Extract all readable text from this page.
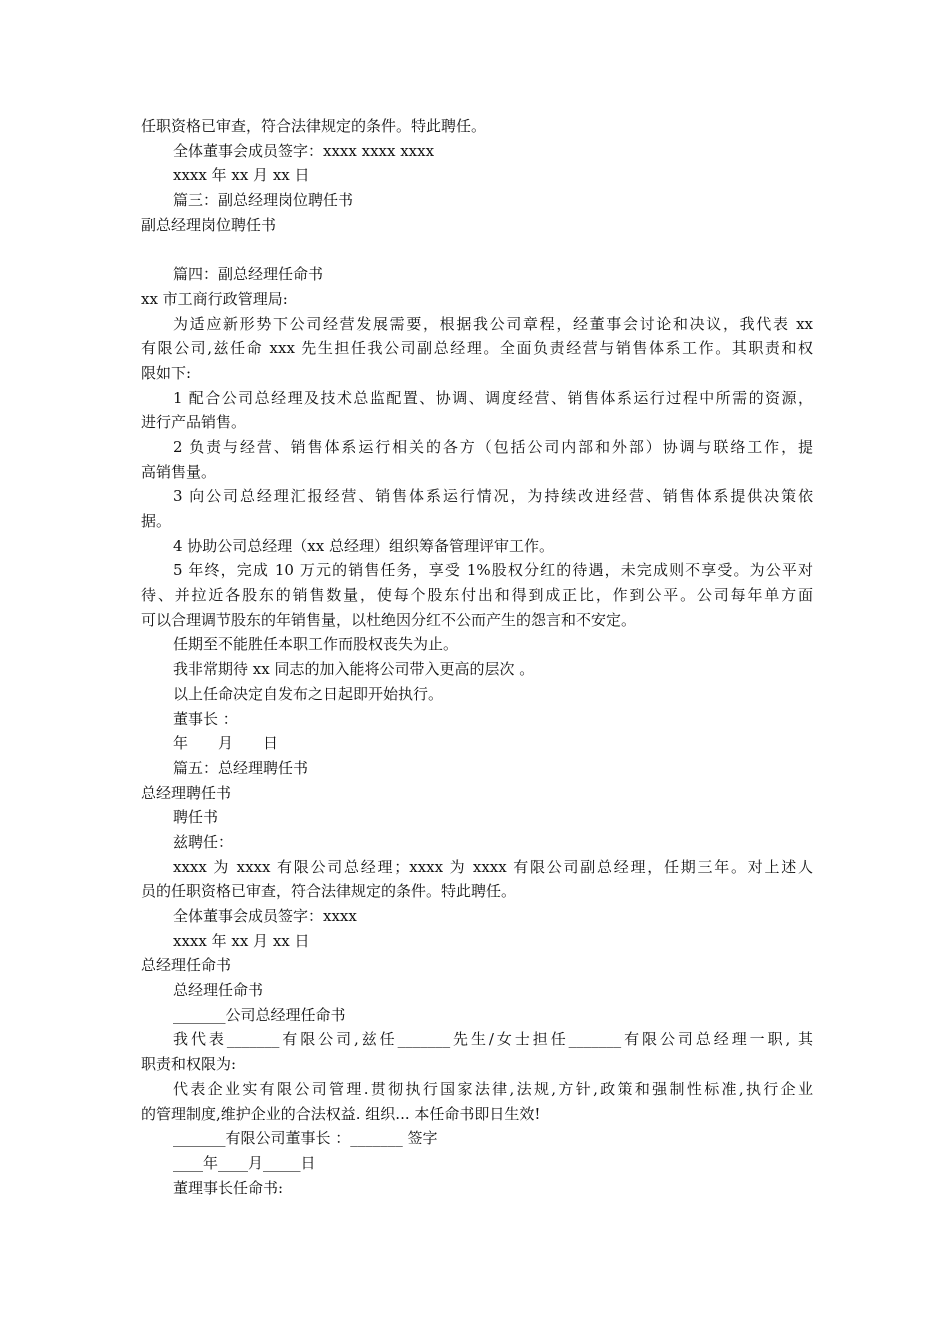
任职资格已审查，符合法律规定的条件。特此聘任。
全体董事会成员签字：xxxx xxxx xxxx
xxxx 年 xx 月 xx 日
篇三：副总经理岗位聘任书
副总经理岗位聘任书
篇四：副总经理任命书
xx 市工商行政管理局:
为适应新形势下公司经营发展需要，根据我公司章程，经董事会讨论和决议，我代表 xx
有限公司,兹任命 xxx 先生担任我公司副总经理。全面负责经营与销售体系工作。其职责和权
限如下:
1 配合公司总经理及技术总监配置、协调、调度经营、销售体系运行过程中所需的资源，
进行产品销售。
2 负责与经营、销售体系运行相关的各方（包括公司内部和外部）协调与联络工作，提
高销售量。
3 向公司总经理汇报经营、销售体系运行情况，为持续改进经营、销售体系提供决策依
据。
4 协助公司总经理（xx 总经理）组织筹备管理评审工作。
5 年终，完成 10 万元的销售任务，享受 1%股权分红的待遇，未完成则不享受。为公平对
待、并拉近各股东的销售数量，使每个股东付出和得到成正比，作到公平。公司每年单方面
可以合理调节股东的年销售量，以杜绝因分红不公而产生的怨言和不安定。
任期至不能胜任本职工作而股权丧失为止。
我非常期待 xx 同志的加入能将公司带入更高的层次 。
以上任命决定自发布之日起即开始执行。
董事长 ：
年　　月　　日
篇五：总经理聘任书
总经理聘任书
聘任书
兹聘任：
xxxx 为 xxxx 有限公司总经理；xxxx 为 xxxx 有限公司副总经理，任期三年。对上述人
员的任职资格已审查，符合法律规定的条件。特此聘任。
全体董事会成员签字：xxxx
xxxx 年 xx 月 xx 日
总经理任命书
总经理任命书
_______公司总经理任命书
我代表_______有限公司,兹任_______先生/女士担任_______有限公司总经理一职, 其
职责和权限为:
代表企业实有限公司管理.贯彻执行国家法律,法规,方针,政策和强制性标准,执行企业
的管理制度,维护企业的合法权益. 组织... 本任命书即日生效!
_______有限公司董事长 ：_______ 签字
____年____月_____日
董理事长任命书:
